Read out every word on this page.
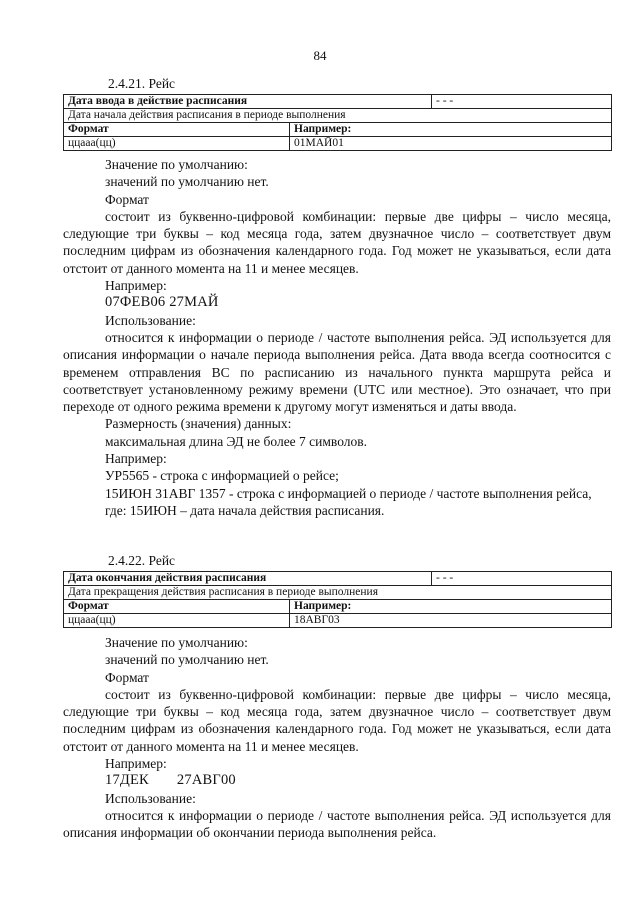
84
2.4.21. Рейс
Дата ввода в действие расписания		- - -
Дата начала действия расписания в периоде выполнения		
Формат	Например:	
ццааа(цц)	01МАЙ01	

Значение по умолчанию:

значений по умолчанию нет.

Формат

состоит из буквенно-цифровой комбинации: первые две цифры – число месяца, следующие три буквы – код месяца года, затем двузначное число – соответствует двум последним цифрам из обозначения календарного года. Год может не указываться, если дата отстоит от данного момента на 11 и менее месяцев.

Например:

07ФЕВ06 27МАЙ

Использование:

относится к информации о периоде / частоте выполнения рейса. ЭД используется для описания информации о начале периода выполнения рейса. Дата ввода всегда соотносится с временем отправления ВС по расписанию из начального пункта маршрута рейса и соответствует установленному режиму времени (UTC или местное). Это означает, что при переходе от одного режима времени к другому могут изменяться и даты ввода.

Размерность (значения) данных:

максимальная длина ЭД не более 7 символов.

Например:

УР5565 - строка с информацией о рейсе;

15ИЮН 31АВГ 1357 - строка с информацией о периоде / частоте выполнения рейса,

где: 15ИЮН – дата начала действия расписания.

2.4.22. Рейс
Дата окончания действия расписания		- - -
Дата прекращения действия расписания в периоде выполнения		
Формат	Например:	
ццааа(цц)	18АВГ03	

Значение по умолчанию:

значений по умолчанию нет.

Формат

состоит из буквенно-цифровой комбинации: первые две цифры – число месяца, следующие три буквы – код месяца года, затем двузначное число – соответствует двум последним цифрам из обозначения календарного года. Год может не указываться, если дата отстоит от данного момента на 11 и менее месяцев.

Например:

17ДЕК 27АВГ00

Использование:

относится к информации о периоде / частоте выполнения рейса. ЭД используется для описания информации об окончании периода выполнения рейса.
